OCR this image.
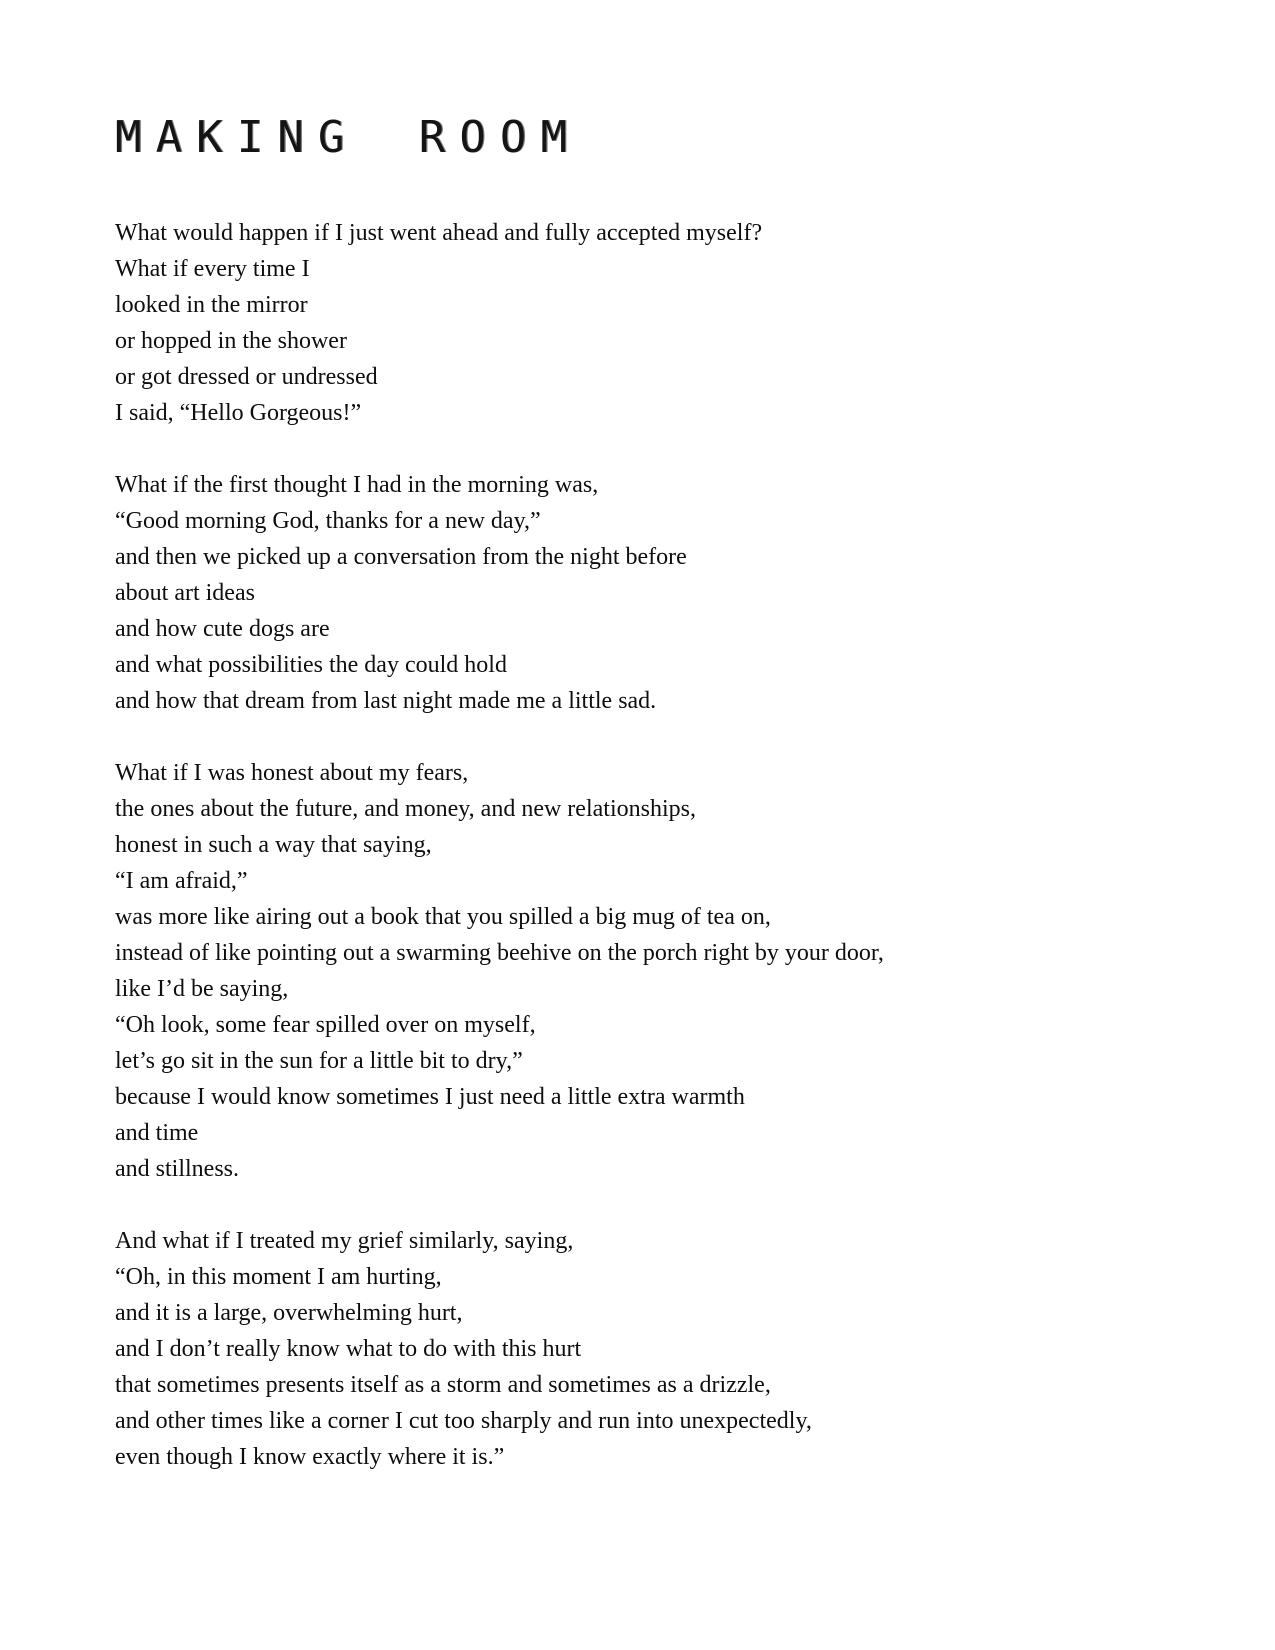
MAKING ROOM

What would happen if I just went ahead and fully accepted myself?

What if every time I

looked in the mirror

or hopped in the shower

or got dressed or undressed

I said, “Hello Gorgeous!”

What if the first thought I had in the morning was,

“Good morning God, thanks for a new day,”

and then we picked up a conversation from the night before

about art ideas

and how cute dogs are

and what possibilities the day could hold

and how that dream from last night made me a little sad.

What if I was honest about my fears,

the ones about the future, and money, and new relationships,

honest in such a way that saying,

“I am afraid,”

was more like airing out a book that you spilled a big mug of tea on,

instead of like pointing out a swarming beehive on the porch right by your door,

like I’d be saying,

“Oh look, some fear spilled over on myself,

let’s go sit in the sun for a little bit to dry,”

because I would know sometimes I just need a little extra warmth

and time

and stillness.

And what if I treated my grief similarly, saying,

“Oh, in this moment I am hurting,

and it is a large, overwhelming hurt,

and I don’t really know what to do with this hurt

that sometimes presents itself as a storm and sometimes as a drizzle,

and other times like a corner I cut too sharply and run into unexpectedly,

even though I know exactly where it is.”
